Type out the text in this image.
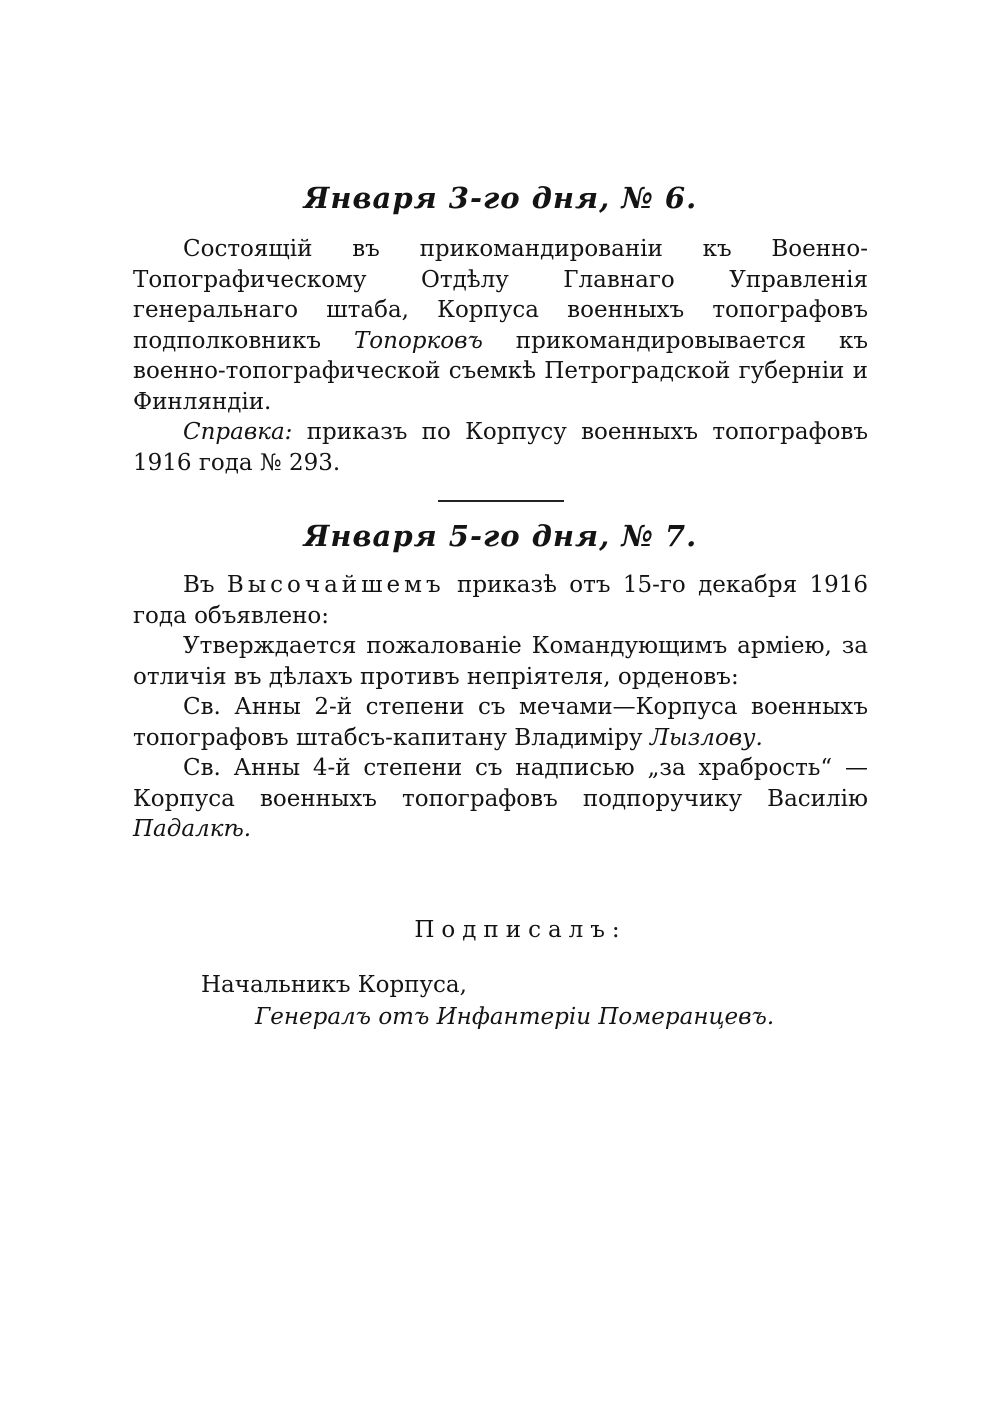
Января 3-го дня, № 6.

Состоящій въ прикомандированіи къ Военно-Топографическому Отдѣлу Главнаго Управленія генеральнаго штаба, Корпуса военныхъ топографовъ подполковникъ Топорковъ прикомандировывается къ военно-топографической съемкѣ Петроградской губерніи и Финляндіи.

Справка: приказъ по Корпусу военныхъ топографовъ 1916 года № 293.

Января 5-го дня, № 7.

Въ Высочайшемъ приказѣ отъ 15-го декабря 1916 года объявлено:

Утверждается пожалованіе Командующимъ арміею, за отличія въ дѣлахъ противъ непріятеля, орденовъ:

Св. Анны 2-й степени съ мечами—Корпуса военныхъ топографовъ штабсъ-капитану Владиміру Лызлову.

Св. Анны 4-й степени съ надписью „за храбрость“ — Корпуса военныхъ топографовъ подпоручику Василію Падалкѣ.

Подписалъ:
Начальникъ Корпуса,
Генералъ отъ Инфантеріи Померанцевъ.
